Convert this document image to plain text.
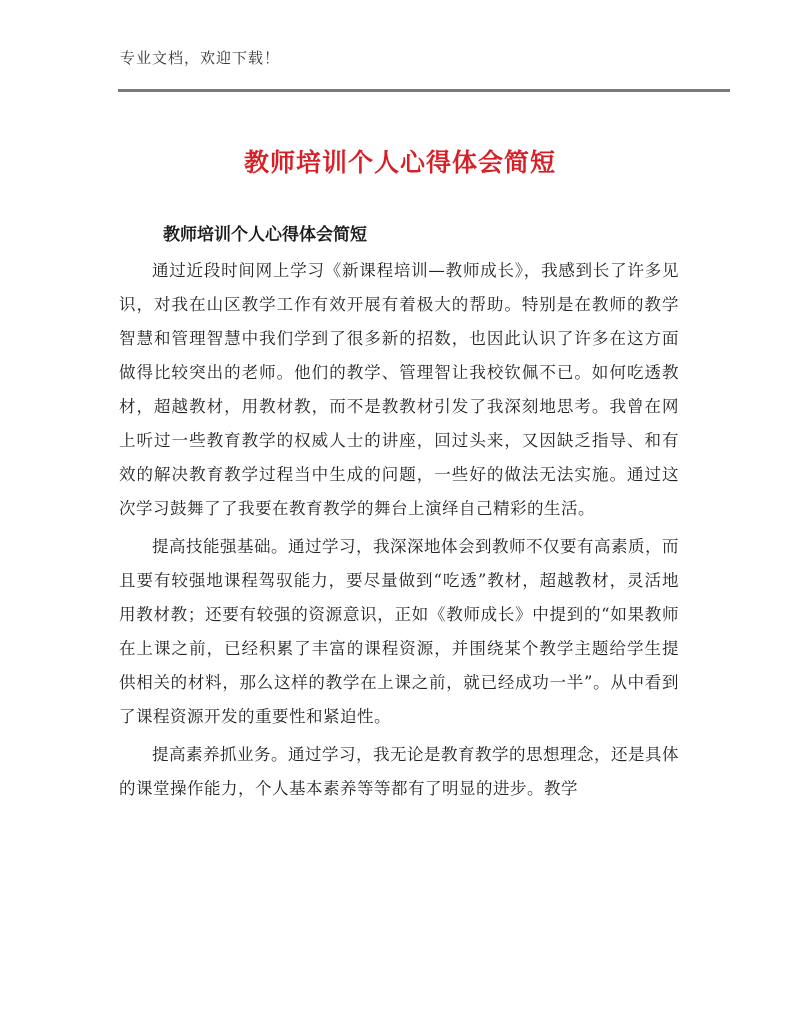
专业文档，欢迎下载！
教师培训个人心得体会简短
教师培训个人心得体会简短

通过近段时间网上学习《新课程培训—教师成长》，我感到长了许多见识，对我在山区教学工作有效开展有着极大的帮助。特别是在教师的教学智慧和管理智慧中我们学到了很多新的招数，也因此认识了许多在这方面做得比较突出的老师。他们的教学、管理智让我校钦佩不已。如何吃透教材，超越教材，用教材教，而不是教教材引发了我深刻地思考。我曾在网上听过一些教育教学的权威人士的讲座，回过头来，又因缺乏指导、和有效的解决教育教学过程当中生成的问题，一些好的做法无法实施。通过这次学习鼓舞了了我要在教育教学的舞台上演绎自己精彩的生活。

提高技能强基础。通过学习，我深深地体会到教师不仅要有高素质，而且要有较强地课程驾驭能力，要尽量做到“吃透”教材，超越教材，灵活地用教材教；还要有较强的资源意识，正如《教师成长》中提到的“如果教师在上课之前，已经积累了丰富的课程资源，并围绕某个教学主题给学生提供相关的材料，那么这样的教学在上课之前，就已经成功一半”。从中看到了课程资源开发的重要性和紧迫性。

提高素养抓业务。通过学习，我无论是教育教学的思想理念，还是具体的课堂操作能力，个人基本素养等等都有了明显的进步。教学
